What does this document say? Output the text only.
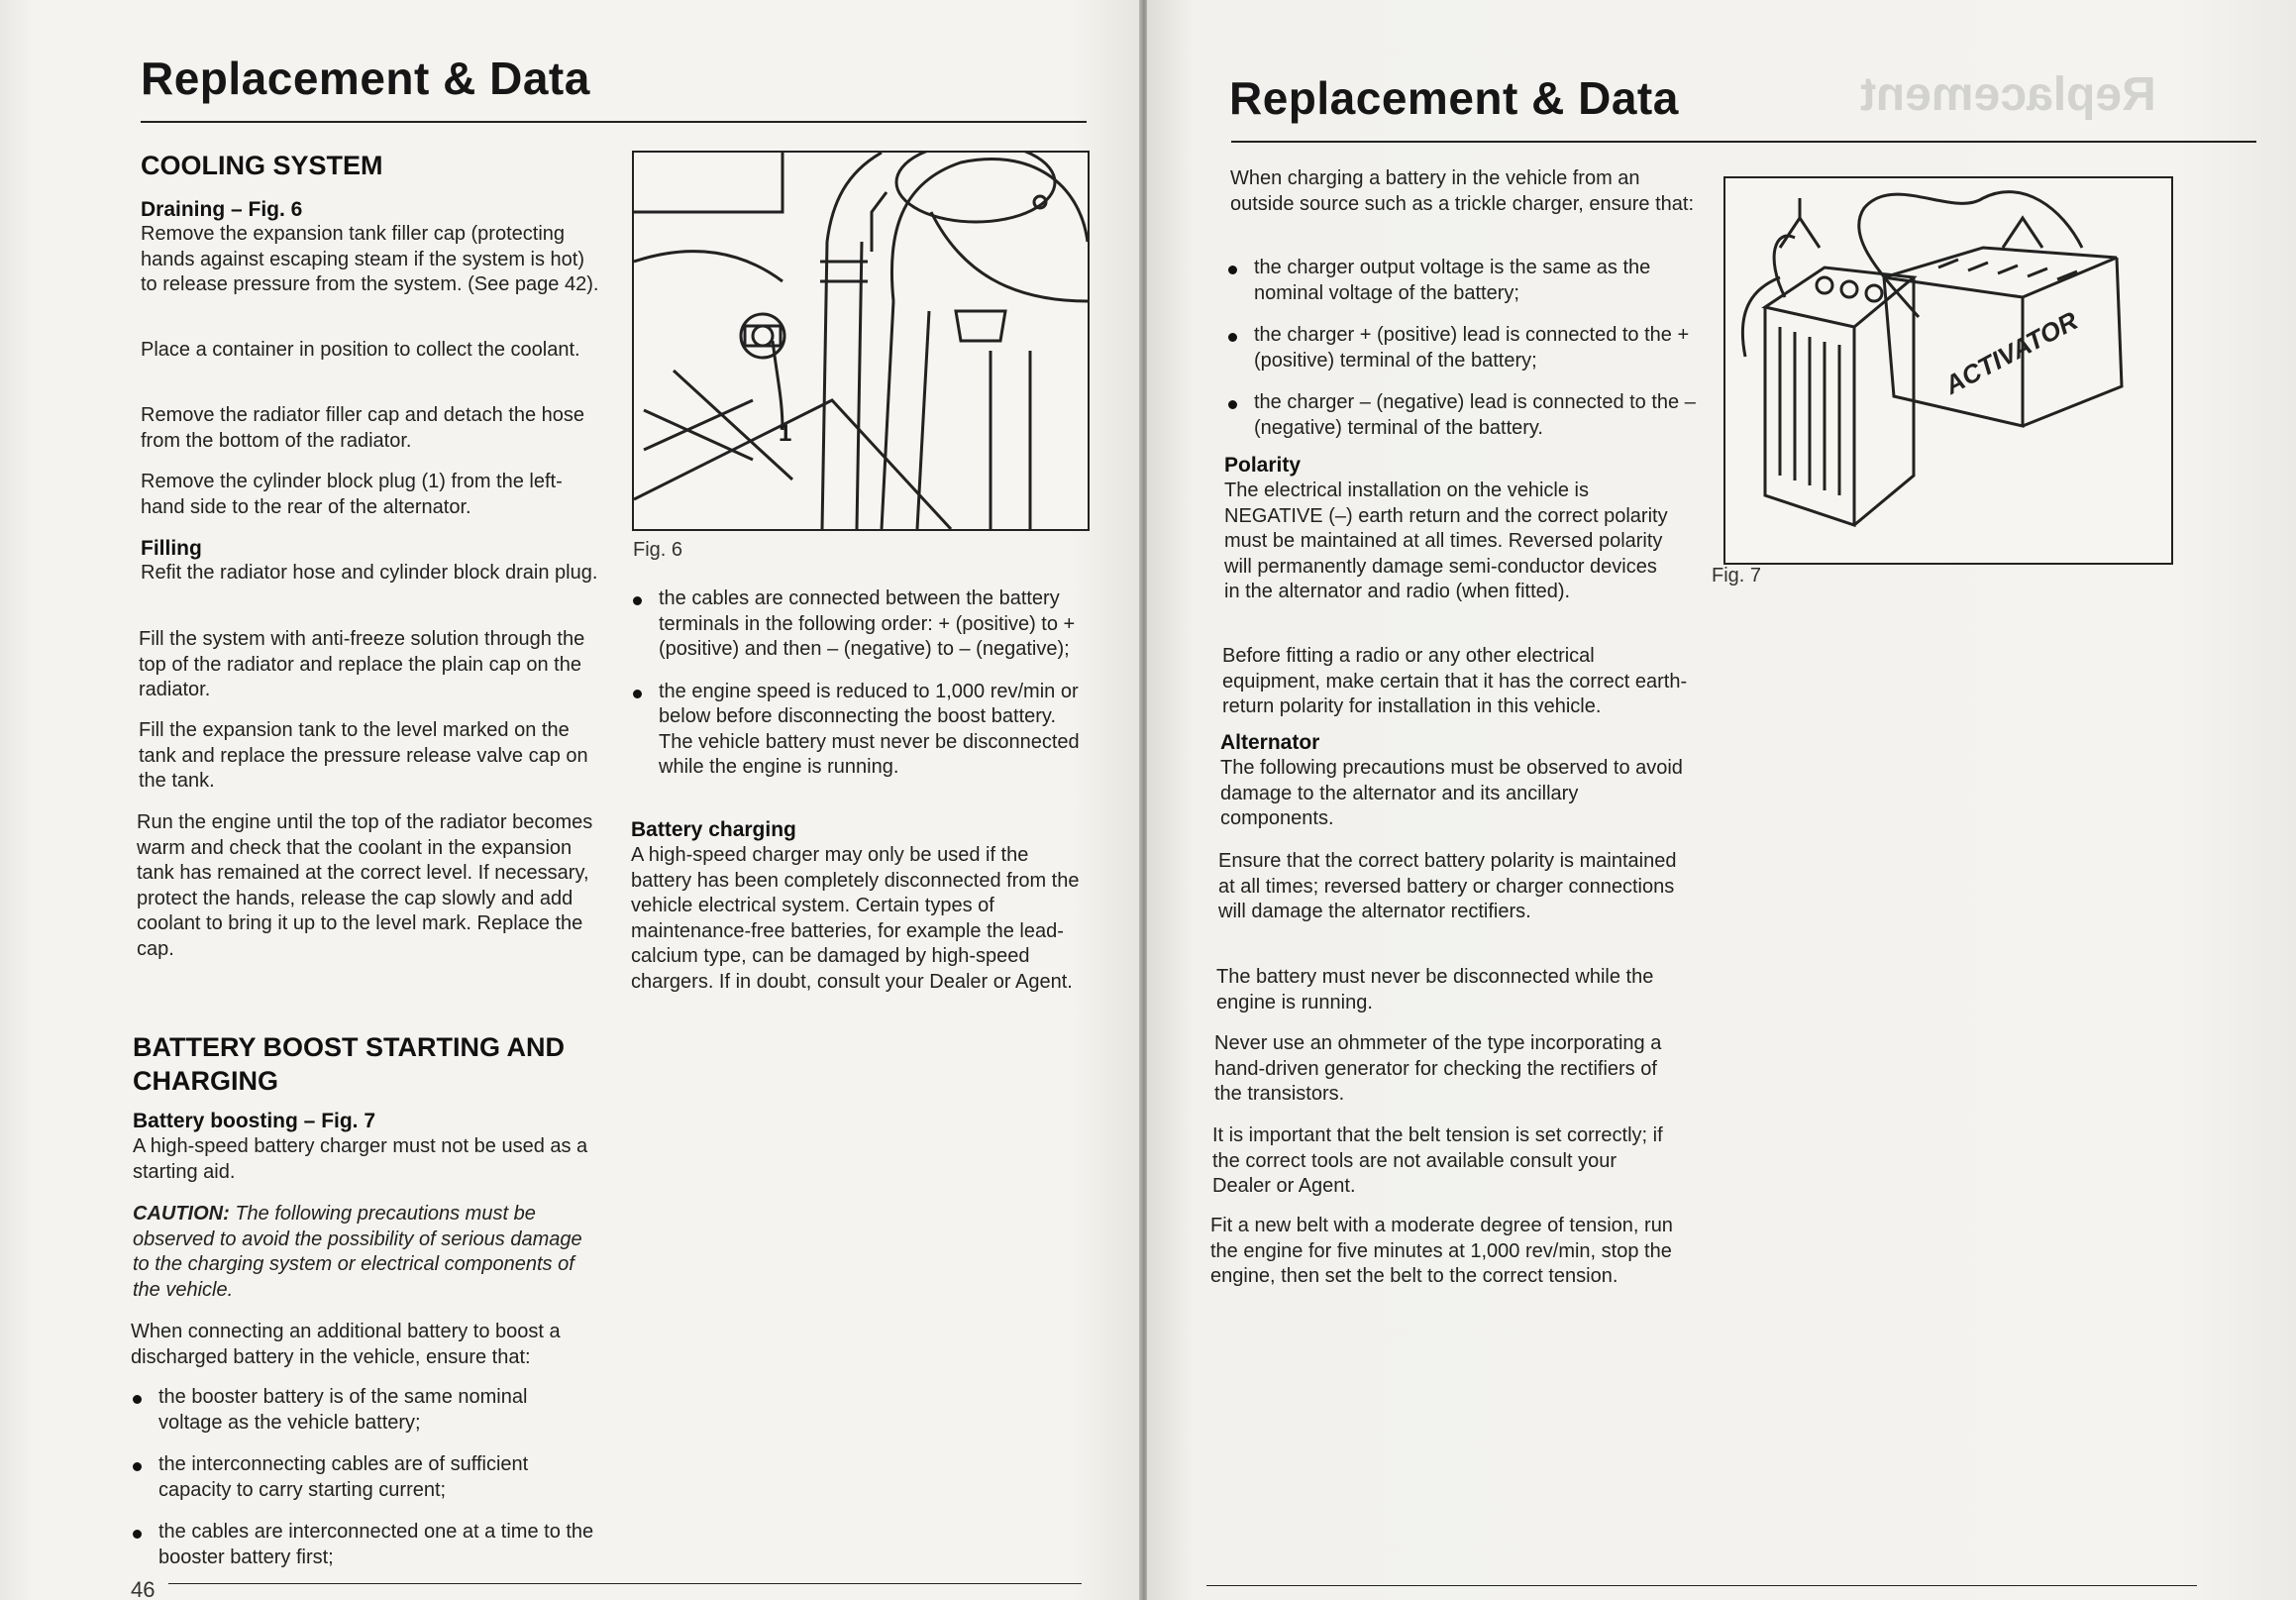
Replacement & Data
COOLING SYSTEM
Draining – Fig. 6
Remove the expansion tank filler cap (protecting hands against escaping steam if the system is hot) to release pressure from the system. (See page 42).
Place a container in position to collect the coolant.
Remove the radiator filler cap and detach the hose from the bottom of the radiator.
Remove the cylinder block plug (1) from the left-hand side to the rear of the alternator.
Filling
Refit the radiator hose and cylinder block drain plug.
Fill the system with anti-freeze solution through the top of the radiator and replace the plain cap on the radiator.
Fill the expansion tank to the level marked on the tank and replace the pressure release valve cap on the tank.
Run the engine until the top of the radiator becomes warm and check that the coolant in the expansion tank has remained at the correct level. If necessary, protect the hands, release the cap slowly and add coolant to bring it up to the level mark. Replace the cap.
BATTERY BOOST STARTING AND CHARGING
Battery boosting – Fig. 7
A high-speed battery charger must not be used as a starting aid.
CAUTION: The following precautions must be observed to avoid the possibility of serious damage to the charging system or electrical components of the vehicle.
When connecting an additional battery to boost a discharged battery in the vehicle, ensure that:
the booster battery is of the same nominal voltage as the vehicle battery;
the interconnecting cables are of sufficient capacity to carry starting current;
the cables are interconnected one at a time to the booster battery first;
1
Fig. 6
the cables are connected between the battery terminals in the following order: + (positive) to + (positive) and then – (negative) to – (negative);
the engine speed is reduced to 1,000 rev/min or below before disconnecting the boost battery. The vehicle battery must never be disconnected while the engine is running.
Battery charging
A high-speed charger may only be used if the battery has been completely disconnected from the vehicle electrical system. Certain types of maintenance-free batteries, for example the lead-calcium type, can be damaged by high-speed chargers. If in doubt, consult your Dealer or Agent.
46
Replacement
Replacement & Data
When charging a battery in the vehicle from an outside source such as a trickle charger, ensure that:
the charger output voltage is the same as the nominal voltage of the battery;
the charger + (positive) lead is connected to the + (positive) terminal of the battery;
the charger – (negative) lead is connected to the – (negative) terminal of the battery.
Polarity
The electrical installation on the vehicle is NEGATIVE (–) earth return and the correct polarity must be maintained at all times. Reversed polarity will permanently damage semi-conductor devices in the alternator and radio (when fitted).
Before fitting a radio or any other electrical equipment, make certain that it has the correct earth-return polarity for installation in this vehicle.
Alternator
The following precautions must be observed to avoid damage to the alternator and its ancillary components.
Ensure that the correct battery polarity is maintained at all times; reversed battery or charger connections will damage the alternator rectifiers.
The battery must never be disconnected while the engine is running.
Never use an ohmmeter of the type incorporating a hand-driven generator for checking the rectifiers of the transistors.
It is important that the belt tension is set correctly; if the correct tools are not available consult your Dealer or Agent.
Fit a new belt with a moderate degree of tension, run the engine for five minutes at 1,000 rev/min, stop the engine, then set the belt to the correct tension.
ACTIVATOR
Fig. 7
